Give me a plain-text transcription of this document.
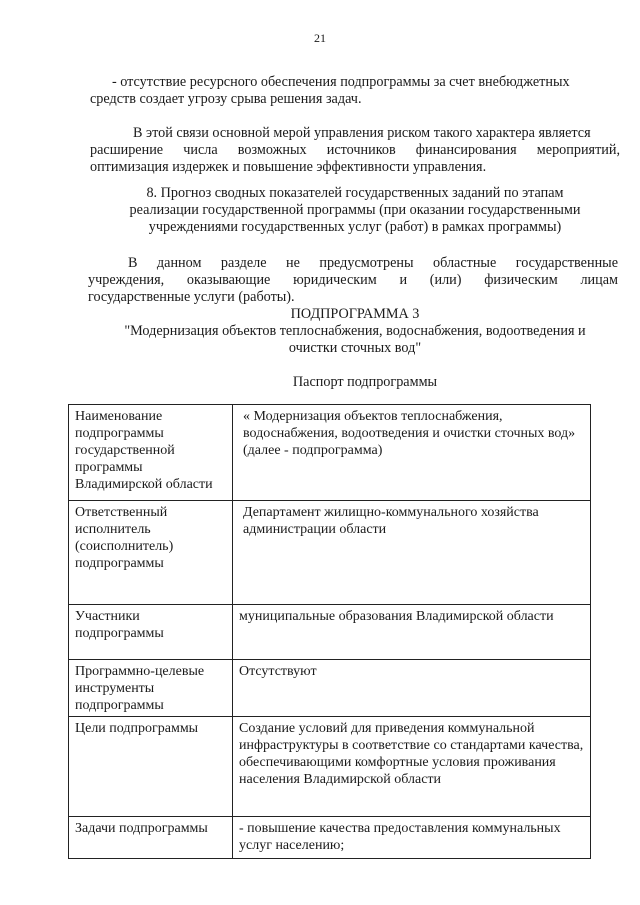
21
- отсутствие ресурсного обеспечения подпрограммы за счет внебюджетных
средств создает угрозу срыва решения задач.
В этой связи основной мерой управления риском такого характера является
расширение числа возможных источников финансирования мероприятий,
оптимизация издержек и повышение эффективности управления.
8. Прогноз сводных показателей государственных заданий по этапам
реализации государственной программы (при оказании государственными
учреждениями государственных услуг (работ) в рамках программы)
В данном разделе не предусмотрены областные государственные
учреждения, оказывающие юридическим и (или) физическим лицам
государственные услуги (работы).
ПОДПРОГРАММА 3
"Модернизация объектов теплоснабжения, водоснабжения, водоотведения и
очистки сточных вод"
Паспорт подпрограммы
Наименование подпрограммы государственной программы Владимирской области	« Модернизация объектов теплоснабжения, водоснабжения, водоотведения и очистки сточных вод» (далее - подпрограмма)
Ответственный исполнитель (соисполнитель) подпрограммы	Департамент жилищно-коммунального хозяйства администрации области
Участники подпрограммы	муниципальные образования Владимирской области
Программно-целевые инструменты подпрограммы	Отсутствуют
Цели подпрограммы	Создание условий для приведения коммунальной инфраструктуры в соответствие со стандартами качества, обеспечивающими комфортные условия проживания населения Владимирской области
Задачи подпрограммы	- повышение качества предоставления коммунальных услуг населению;
